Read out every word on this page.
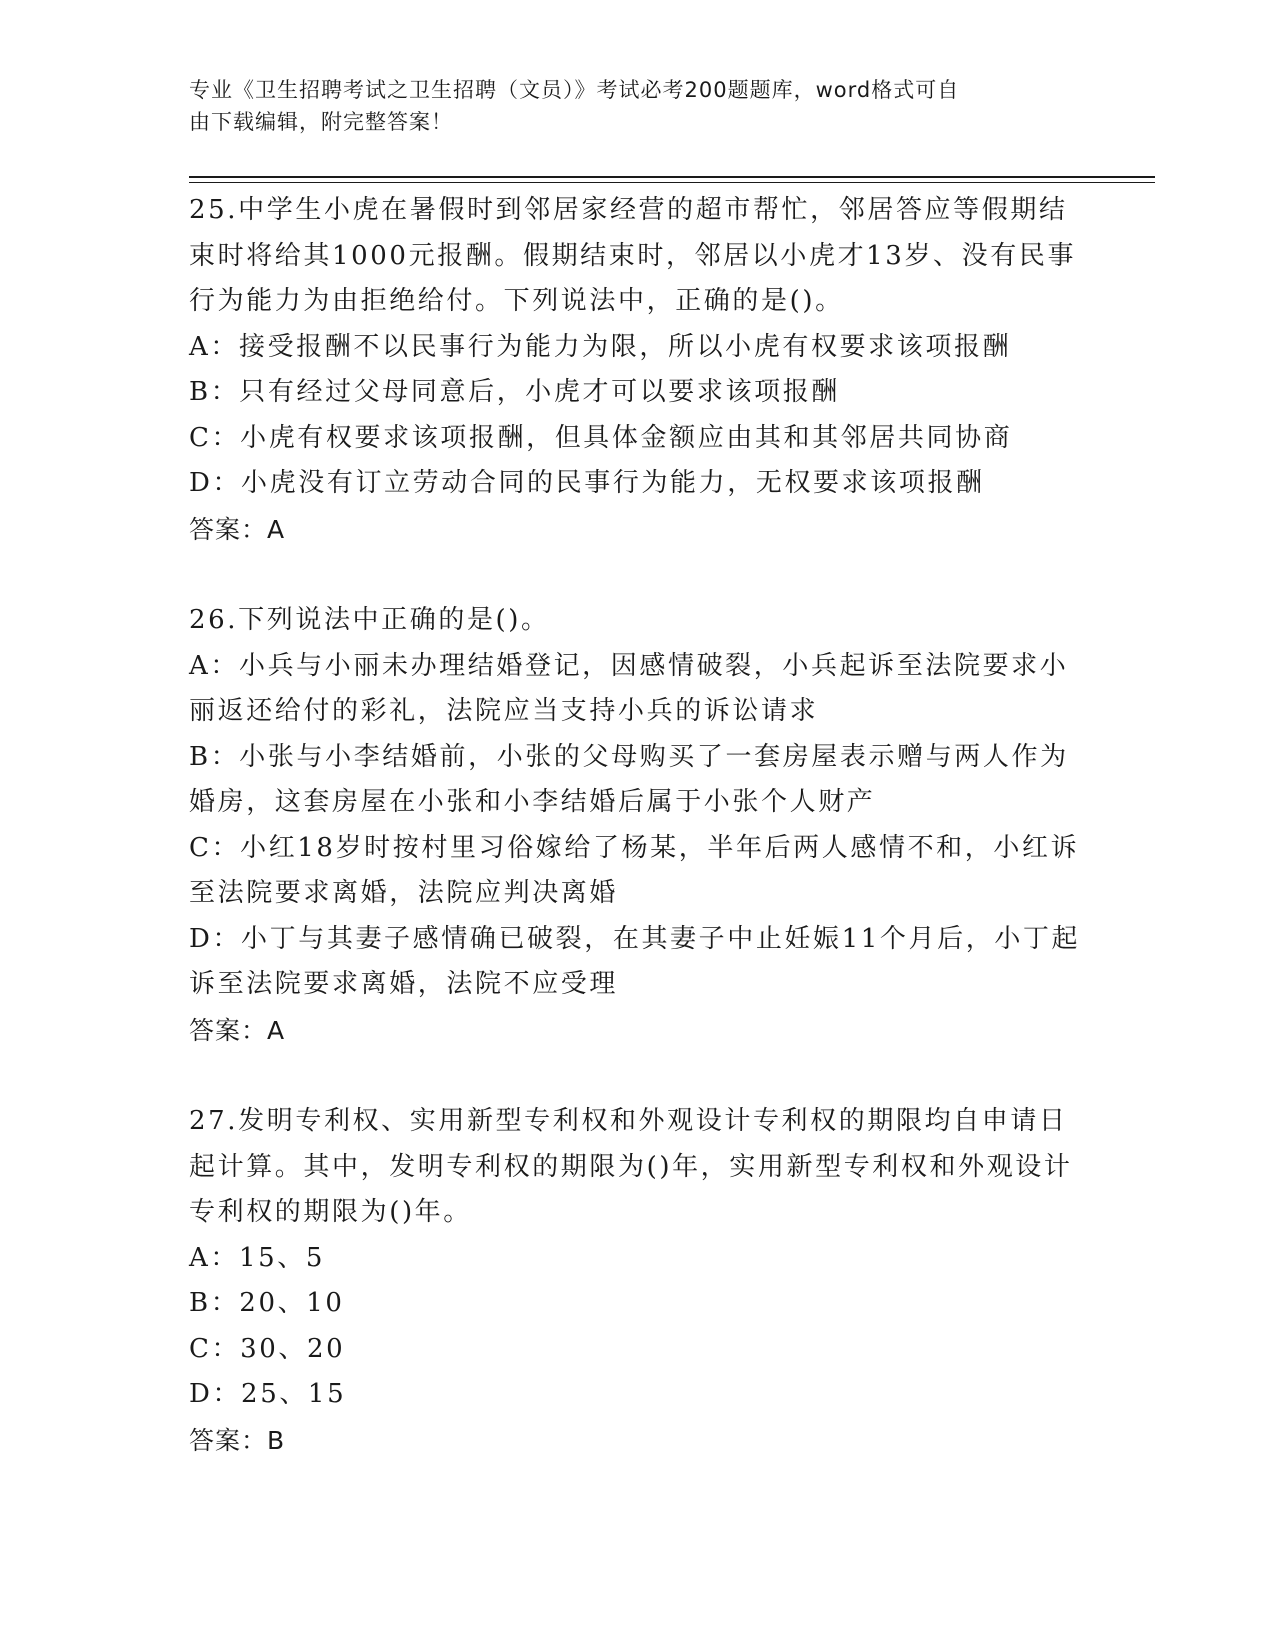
专业《卫生招聘考试之卫生招聘（文员）》考试必考200题题库，word格式可自
由下载编辑，附完整答案！
25.中学生小虎在暑假时到邻居家经营的超市帮忙，邻居答应等假期结束时将给其1000元报酬。假期结束时，邻居以小虎才13岁、没有民事行为能力为由拒绝给付。下列说法中，正确的是()。
A：接受报酬不以民事行为能力为限，所以小虎有权要求该项报酬
B：只有经过父母同意后，小虎才可以要求该项报酬
C：小虎有权要求该项报酬，但具体金额应由其和其邻居共同协商
D：小虎没有订立劳动合同的民事行为能力，无权要求该项报酬
答案：A
26.下列说法中正确的是()。
A：小兵与小丽未办理结婚登记，因感情破裂，小兵起诉至法院要求小丽返还给付的彩礼，法院应当支持小兵的诉讼请求
B：小张与小李结婚前，小张的父母购买了一套房屋表示赠与两人作为婚房，这套房屋在小张和小李结婚后属于小张个人财产
C：小红18岁时按村里习俗嫁给了杨某，半年后两人感情不和，小红诉至法院要求离婚，法院应判决离婚
D：小丁与其妻子感情确已破裂，在其妻子中止妊娠11个月后，小丁起诉至法院要求离婚，法院不应受理
答案：A
27.发明专利权、实用新型专利权和外观设计专利权的期限均自申请日起计算。其中，发明专利权的期限为()年，实用新型专利权和外观设计专利权的期限为()年。
A：15、5
B：20、10
C：30、20
D：25、15
答案：B
